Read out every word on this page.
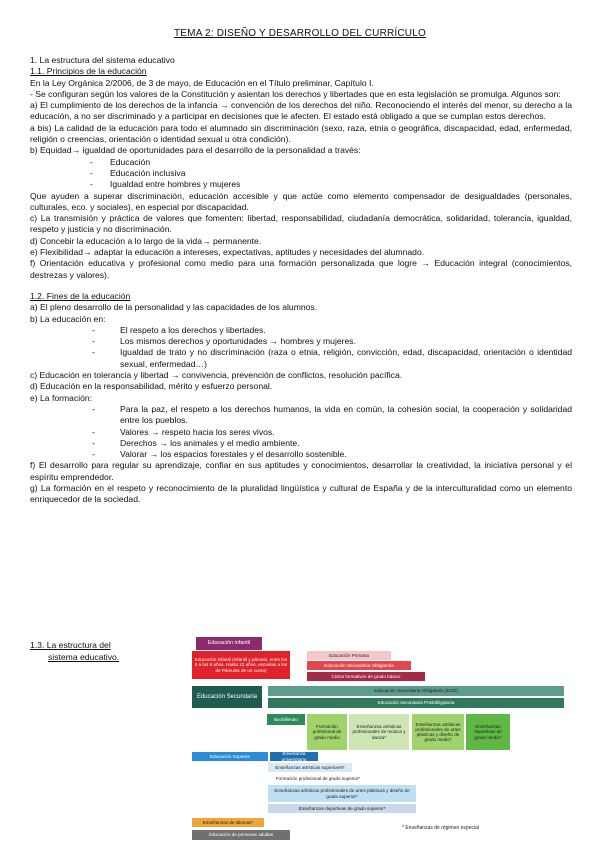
TEMA 2: DISEÑO Y DESARROLLO DEL CURRÍCULO

1. La estructura del sistema educativo

1.1. Principios de la educación

En la Ley Orgánica 2/2006, de 3 de mayo, de Educación en el Título preliminar, Capítulo I.

- Se configuran según los valores de la Constitución y asientan los derechos y libertades que en esta legislación se promulga. Algunos son:

a) El cumplimiento de los derechos de la infancia → convención de los derechos del niño. Reconociendo el interés del menor, su derecho a la educación, a no ser discriminado y a participar en decisiones que le afecten. El estado está obligado a que se cumplan estos derechos.

a bis) La calidad de la educación para todo el alumnado sin discriminación (sexo, raza, etnia o geográfica, discapacidad, edad, enfermedad, religión o creencias, orientación o identidad sexual u otra condición).

b) Equidad→ igualdad de oportunidades para el desarrollo de la personalidad a través:

- Educación
- Educación inclusiva
- Igualdad entre hombres y mujeres

Que ayuden a superar discriminación, educación accesible y que actúe como elemento compensador de desigualdades (personales, culturales, eco. y sociales), en especial por discapacidad.

c) La transmisión y práctica de valores que fomenten: libertad, responsabilidad, ciudadanía democrática, solidaridad, tolerancia, igualdad, respeto y justicia y no discriminación.

d) Concebir la educación a lo largo de la vida→ permanente.

e) Flexibilidad→ adaptar la educación a intereses, expectativas, aptitudes y necesidades del alumnado.

f) Orientación educativa y profesional como medio para una formación personalizada que logre → Educación integral (conocimientos, destrezas y valores).

1.2. Fines de la educación

a) El pleno desarrollo de la personalidad y las capacidades de los alumnos.

b) La educación en:

- El respeto a los derechos y libertades.
- Los mismos derechos y oportunidades → hombres y mujeres.
- Igualdad de trato y no discriminación (raza o etnia, religión, convicción, edad, discapacidad, orientación o identidad sexual, enfermedad…)

c) Educación en tolerancia y libertad → convivencia, prevención de conflictos, resolución pacífica.

d) Educación en la responsabilidad, mérito y esfuerzo personal.

e) La formación:

- Para la paz, el respeto a los derechos humanos, la vida en común, la cohesión social, la cooperación y solidaridad entre los pueblos.
- Valores → respeto hacia los seres vivos.
- Derechos → los animales y el medio ambiente.
- Valorar → los espacios forestales y el desarrollo sostenible.

f) El desarrollo para regular su aprendizaje, confiar en sus aptitudes y conocimientos, desarrollar la creatividad, la iniciativa personal y el espíritu emprendedor.

g) La formación en el respeto y reconocimiento de la pluralidad lingüística y cultural de España y de la interculturalidad como un elemento enriquecedor de la sociedad.

1.3. La estructura del
sistema educativo.
Educación infantil
Educación infantil (Infantil y párvulo, entre los 0 a los 6 años. Hasta 12 años, escuelas a los de Párvulos de un curso)
Educación Primaria
Educación Secundaria Obligatoria
Ciclos formativos de grado básico
Educación Secundaria
Educación Secundaria Obligatoria (ESO)
Educación secundaria Postobligatoria
Bachillerato
Formación profesional de grado medio
Enseñanzas artísticas profesionales de música y danza*
Enseñanzas artísticas profesionales de artes plásticas y diseño de grado medio*
Enseñanzas deportivas de grado medio*
Educación Superior
Enseñanza universitaria
Enseñanzas artísticas superiores*
Formación profesional de grado superior*
Enseñanzas artísticas profesionales de artes plásticas y diseño de grado superior*
Enseñanzas deportivas de grado superior*
Enseñanzas de idiomas*
Educación de personas adultas
* Enseñanzas de régimen especial
